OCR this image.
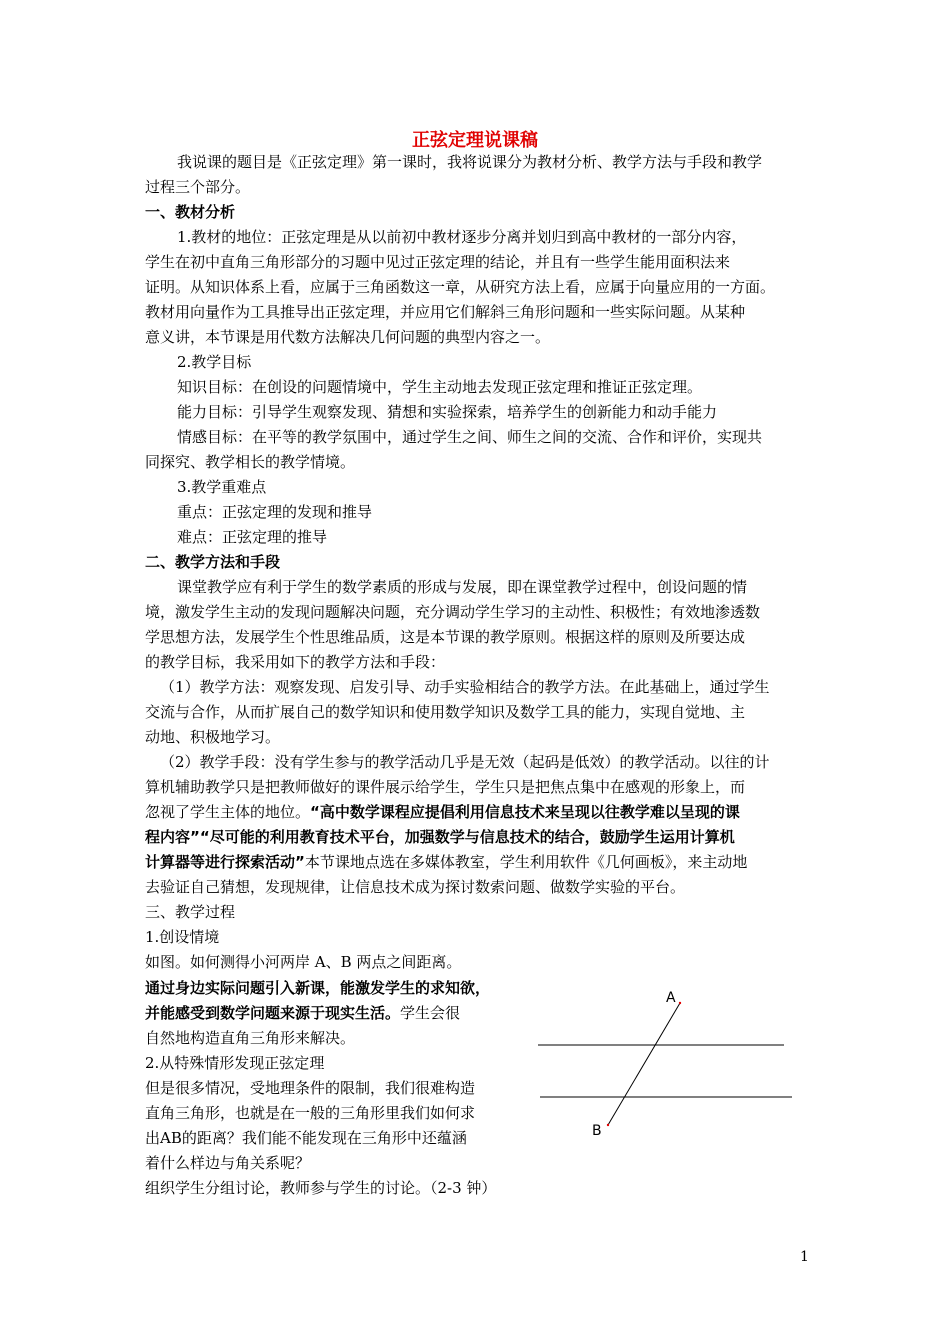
正弦定理说课稿
我说课的题目是《正弦定理》第一课时，我将说课分为教材分析、教学方法与手段和教学
过程三个部分。
一、教材分析
1.教材的地位：正弦定理是从以前初中教材逐步分离并划归到高中教材的一部分内容，
学生在初中直角三角形部分的习题中见过正弦定理的结论，并且有一些学生能用面积法来
证明。从知识体系上看，应属于三角函数这一章，从研究方法上看，应属于向量应用的一方面。
教材用向量作为工具推导出正弦定理，并应用它们解斜三角形问题和一些实际问题。从某种
意义讲，本节课是用代数方法解决几何问题的典型内容之一。
2.教学目标
知识目标：在创设的问题情境中，学生主动地去发现正弦定理和推证正弦定理。
能力目标：引导学生观察发现、猜想和实验探索，培养学生的创新能力和动手能力
情感目标：在平等的教学氛围中，通过学生之间、师生之间的交流、合作和评价，实现共
同探究、教学相长的教学情境。
3.教学重难点
重点：正弦定理的发现和推导
难点：正弦定理的推导
二、教学方法和手段
课堂教学应有利于学生的数学素质的形成与发展，即在课堂教学过程中，创设问题的情
境，激发学生主动的发现问题解决问题，充分调动学生学习的主动性、积极性；有效地渗透数
学思想方法，发展学生个性思维品质，这是本节课的教学原则。根据这样的原则及所要达成
的教学目标，我采用如下的教学方法和手段：
（1）教学方法：观察发现、启发引导、动手实验相结合的教学方法。在此基础上，通过学生
交流与合作，从而扩展自己的数学知识和使用数学知识及数学工具的能力，实现自觉地、主
动地、积极地学习。
（2）教学手段：没有学生参与的教学活动几乎是无效（起码是低效）的教学活动。以往的计
算机辅助教学只是把教师做好的课件展示给学生，学生只是把焦点集中在感观的形象上，而
去验证自己猜想，发现规律，让信息技术成为探讨数索问题、做数学实验的平台。
三、教学过程
1.创设情境
如图。如何测得小河两岸 A、B 两点之间距离。
通过身边实际问题引入新课，能激发学生的求知欲，
自然地构造直角三角形来解决。
2.从特殊情形发现正弦定理
但是很多情况，受地理条件的限制，我们很难构造
直角三角形，也就是在一般的三角形里我们如何求
出AB的距离？我们能不能发现在三角形中还蕴涵
着什么样边与角关系呢？
组织学生分组讨论，教师参与学生的讨论。（2-3 钟）
忽视了学生主体的地位。“高中数学课程应提倡利用信息技术来呈现以往教学难以呈现的课
程内容”“尽可能的利用教育技术平台，加强数学与信息技术的结合，鼓励学生运用计算机
计算器等进行探索活动”本节课地点选在多媒体教室，学生利用软件《几何画板》，来主动地
并能感受到数学问题来源于现实生活。学生会很
A
B
1
